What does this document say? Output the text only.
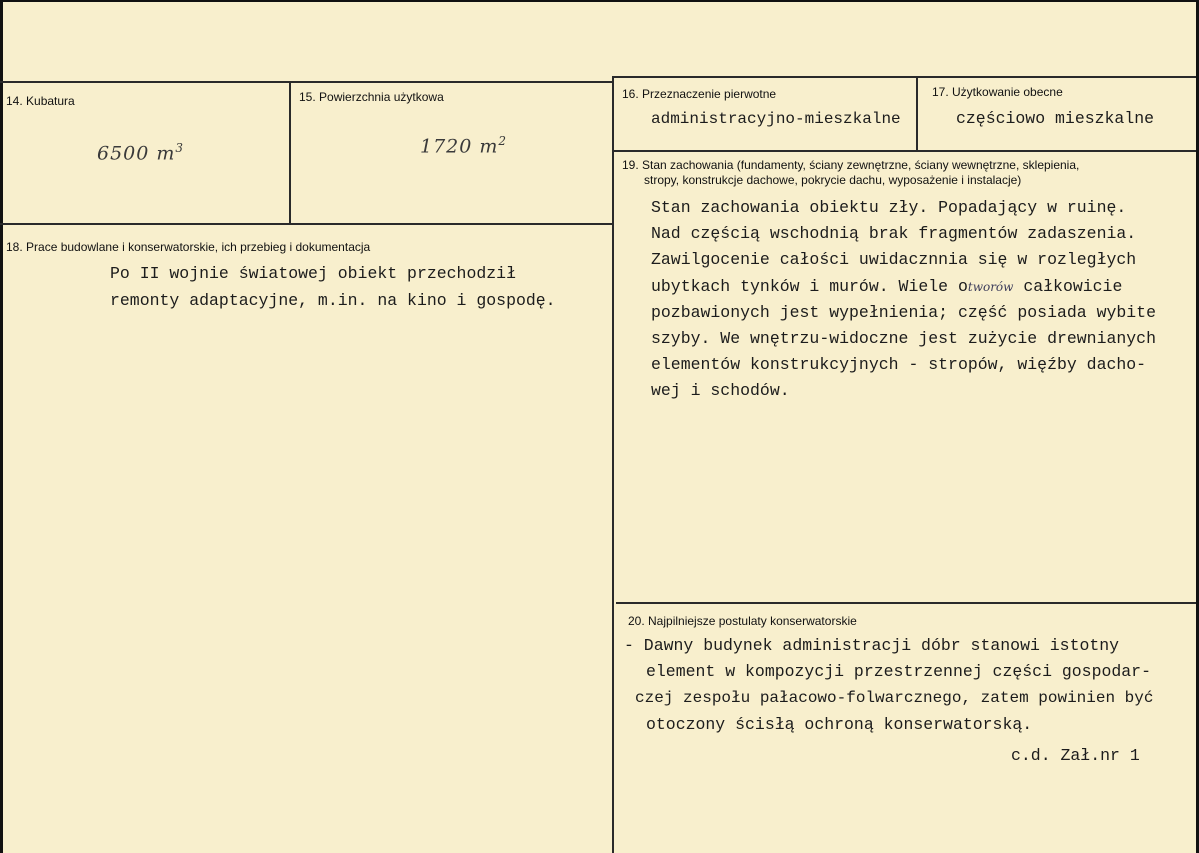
14. Kubatura
6500 $m^3$
15. Powierzchnia użytkowa
1720 $m^2$
16. Przeznaczenie pierwotne
administracyjno-mieszkalne
17. Użytkowanie obecne
częściowo mieszkalne
18. Prace budowlane i konserwatorskie, ich przebieg i dokumentacja
Po II wojnie światowej obiekt przechodził
remonty adaptacyjne, m.in. na kino i gospodę.
19. Stan zachowania (fundamenty, ściany zewnętrzne, ściany wewnętrzne, sklepienia,
stropy, konstrukcje dachowe, pokrycie dachu, wyposażenie i instalacje)
Stan zachowania obiektu zły. Popadający w ruinę.
Nad częścią wschodnią brak fragmentów zadaszenia.
Zawilgocenie całości uwidacznnia się w rozległych
ubytkach tynków i murów. Wiele otworów całkowicie
pozbawionych jest wypełnienia; część posiada wybite
szyby. We wnętrzu-widoczne jest zużycie drewnianych
elementów konstrukcyjnych - stropów, więźby dacho-
wej i schodów.
20. Najpilniejsze postulaty konserwatorskie
- Dawny budynek administracji dóbr stanowi istotny
element w kompozycji przestrzennej części gospodar-
czej zespołu pałacowo-folwarcznego, zatem powinien być
otoczony ścisłą ochroną konserwatorską.
c.d. Zał.nr 1
